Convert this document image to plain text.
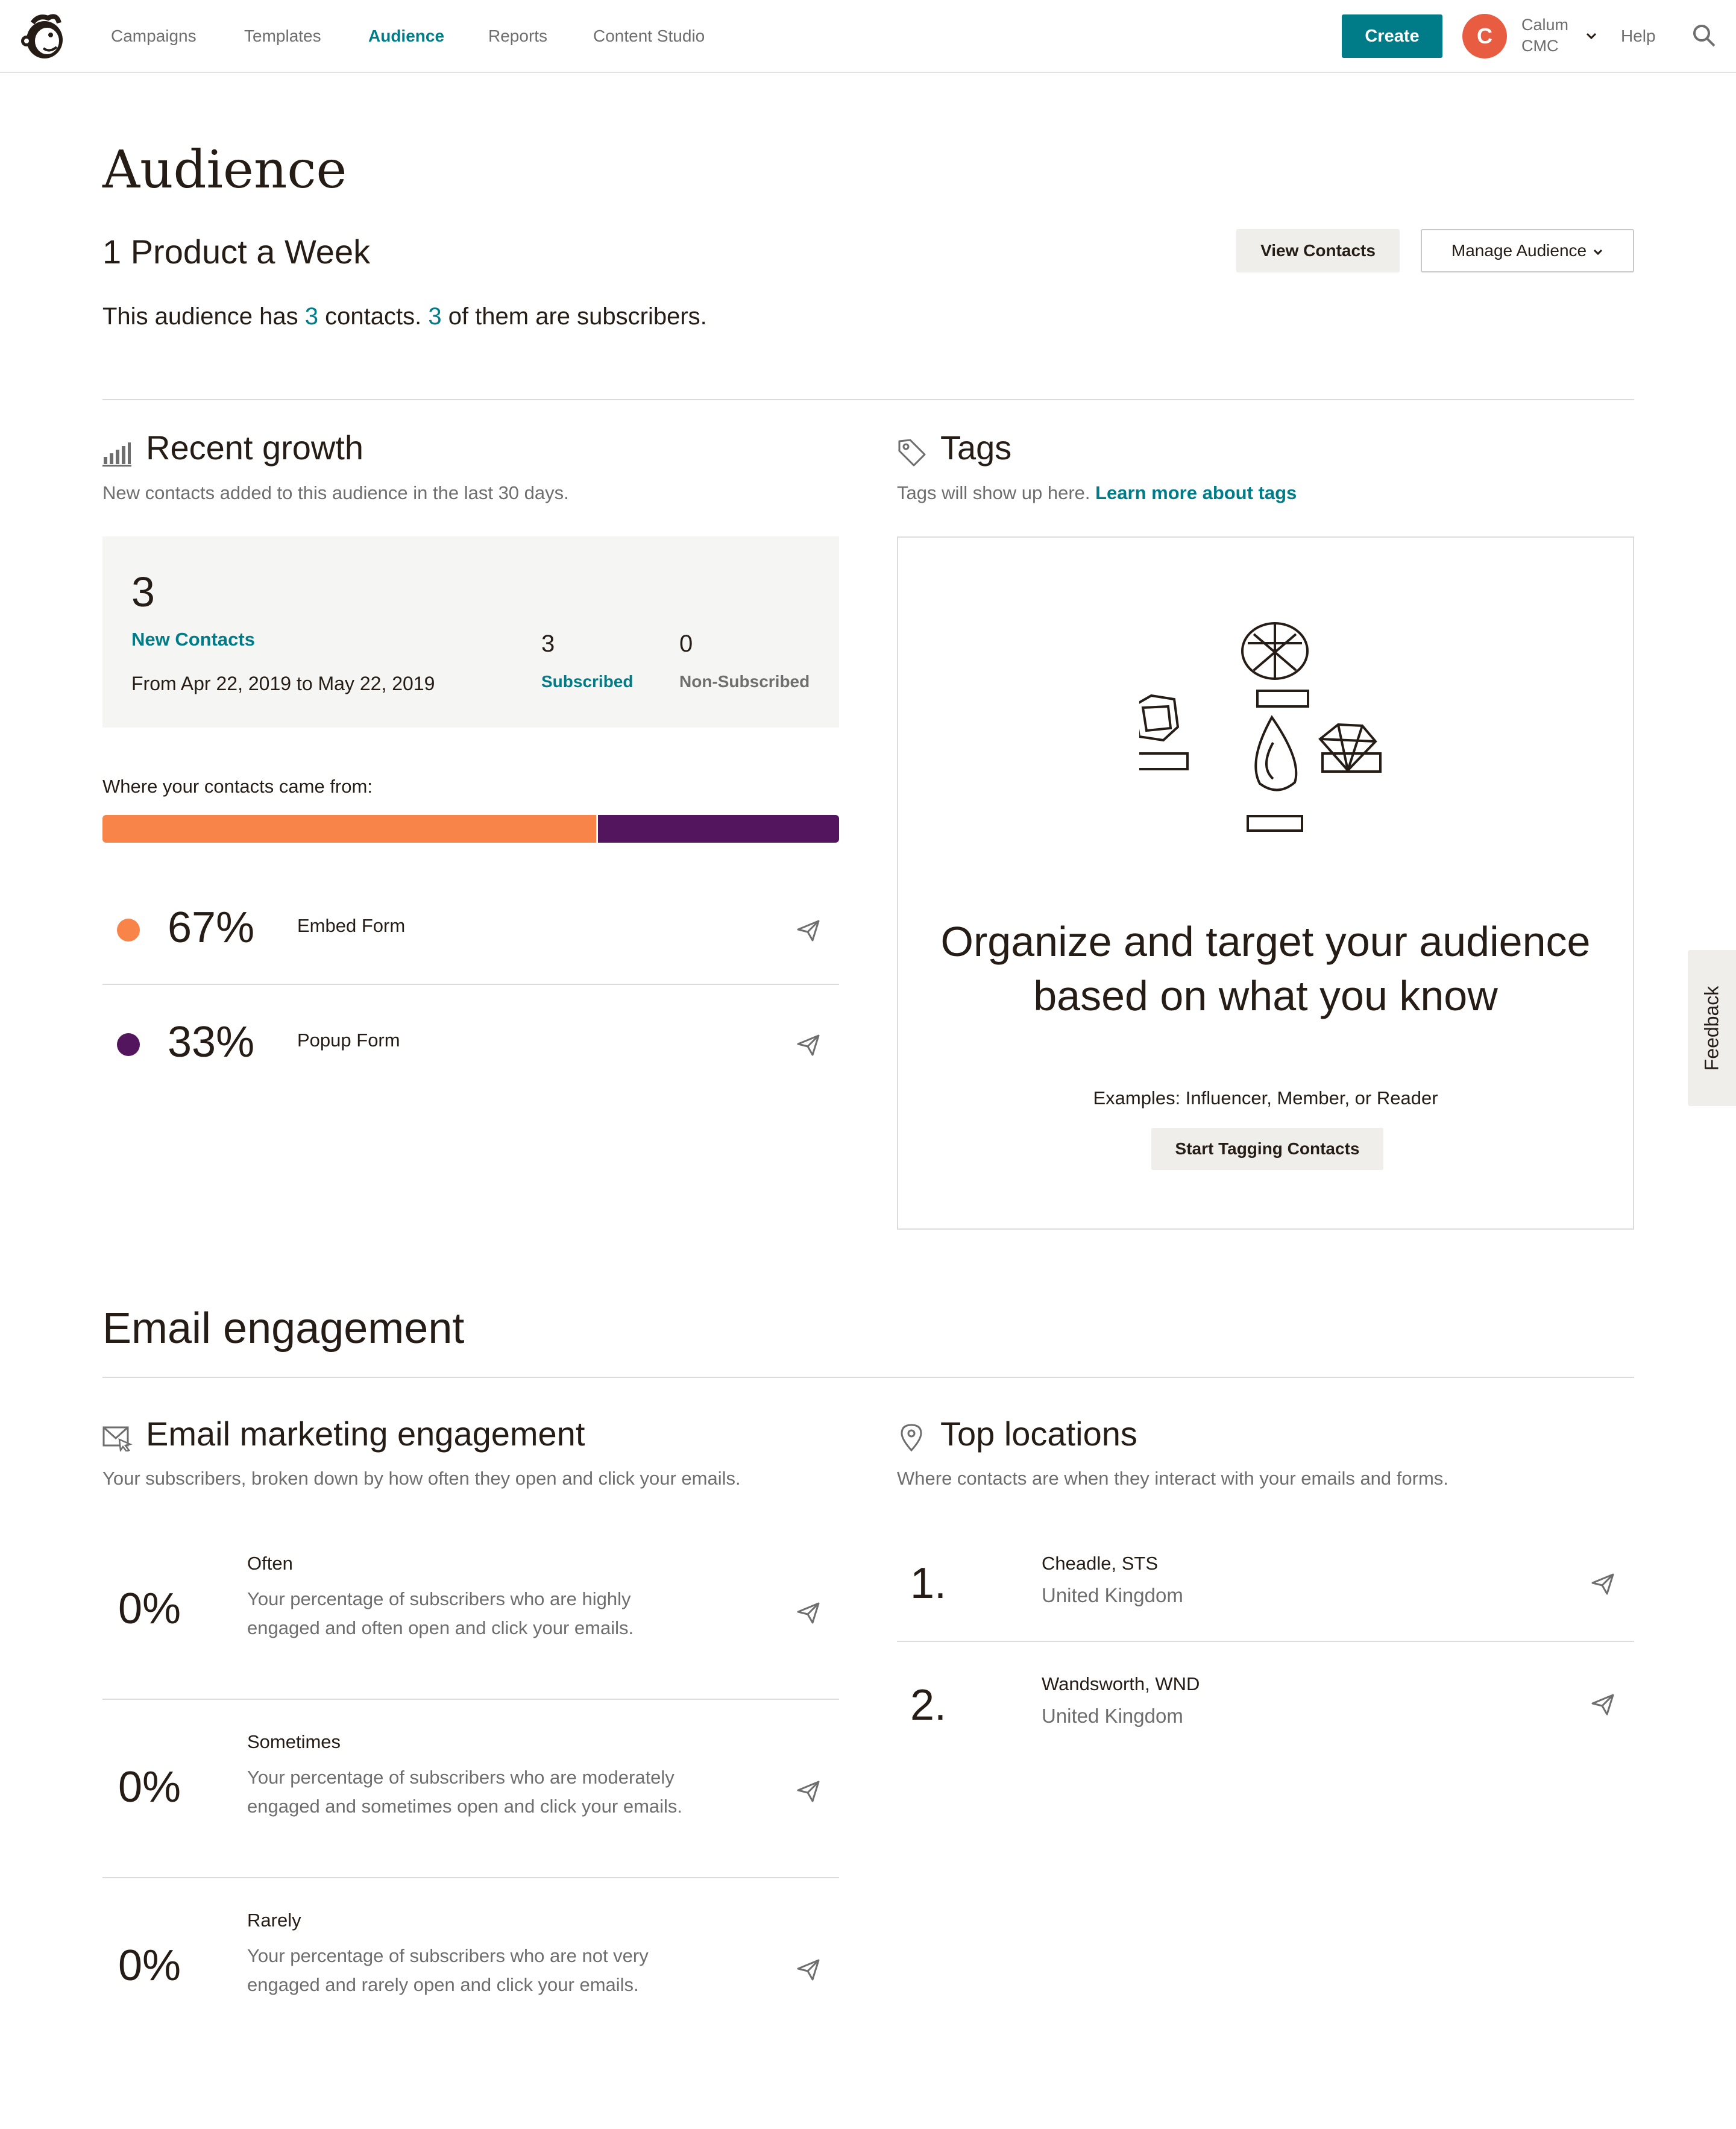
Campaigns	Templates	Audience	Reports	Content Studio	Create	C	Calum
CMC
Help
Audience
1 Product a Week
This audience has 3 contacts. 3 of them are subscribers.
View Contacts	Manage Audience
Recent growth
New contacts added to this audience in the last 30 days.
3
New Contacts
From Apr 22, 2019 to May 22, 2019
3
Subscribed
0
Non-Subscribed
Where your contacts came from:
67% Embed Form
33% Popup Form
Tags
Tags will show up here. Learn more about tags
Organize and target your audience based on what you know
Examples: Influencer, Member, or Reader
Start Tagging Contacts
Feedback
Email engagement
Email marketing engagement
Your subscribers, broken down by how often they open and click your emails.
0%
Often
Your percentage of subscribers who are highly engaged and often open and click your emails.
0%
Sometimes
Your percentage of subscribers who are moderately engaged and sometimes open and click your emails.
0%
Rarely
Your percentage of subscribers who are not very engaged and rarely open and click your emails.
Top locations
Where contacts are when they interact with your emails and forms.
1.	Cheadle, STS
United Kingdom
2.	Wandsworth, WND
United Kingdom
